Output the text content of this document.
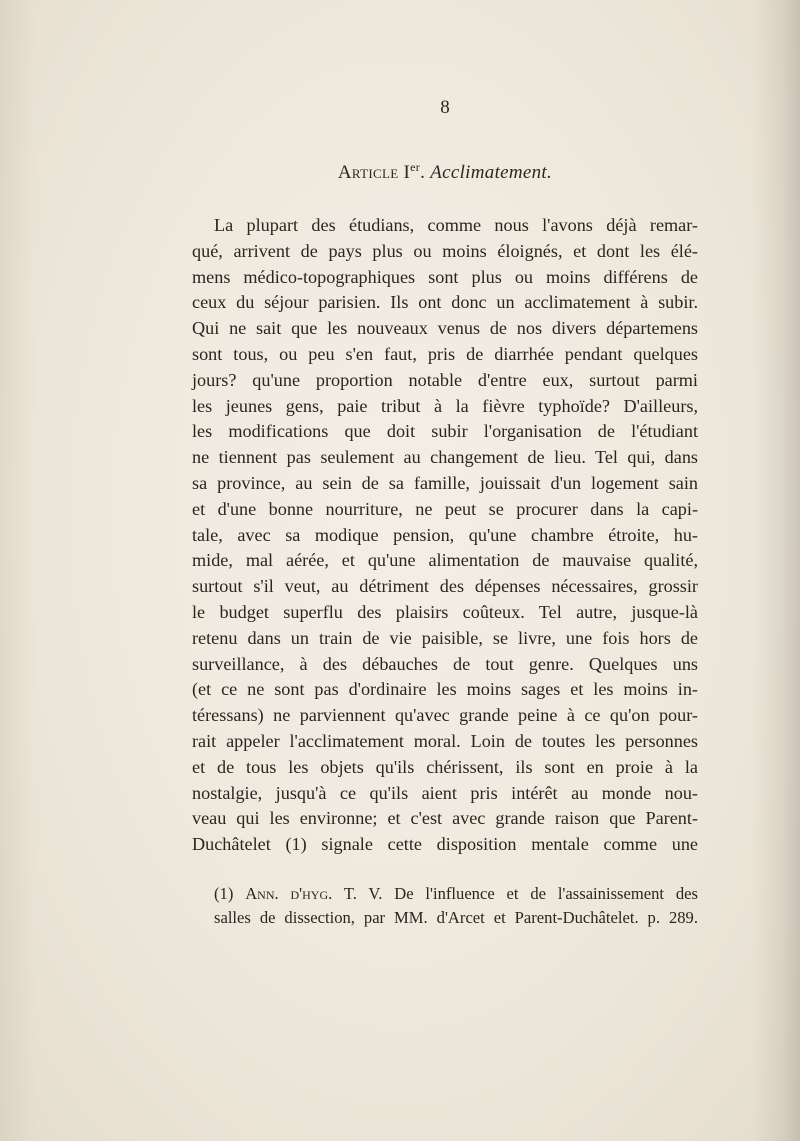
8
Article Ier. Acclimatement.
La plupart des étudians, comme nous l'avons déjà remar-
qué, arrivent de pays plus ou moins éloignés, et dont les élé-
mens médico-topographiques sont plus ou moins différens de
ceux du séjour parisien. Ils ont donc un acclimatement à subir.
Qui ne sait que les nouveaux venus de nos divers départemens
sont tous, ou peu s'en faut, pris de diarrhée pendant quelques
jours? qu'une proportion notable d'entre eux, surtout parmi
les jeunes gens, paie tribut à la fièvre typhoïde? D'ailleurs,
les modifications que doit subir l'organisation de l'étudiant
ne tiennent pas seulement au changement de lieu. Tel qui, dans
sa province, au sein de sa famille, jouissait d'un logement sain
et d'une bonne nourriture, ne peut se procurer dans la capi-
tale, avec sa modique pension, qu'une chambre étroite, hu-
mide, mal aérée, et qu'une alimentation de mauvaise qualité,
surtout s'il veut, au détriment des dépenses nécessaires, grossir
le budget superflu des plaisirs coûteux. Tel autre, jusque-là
retenu dans un train de vie paisible, se livre, une fois hors de
surveillance, à des débauches de tout genre. Quelques uns
(et ce ne sont pas d'ordinaire les moins sages et les moins in-
téressans) ne parviennent qu'avec grande peine à ce qu'on pour-
rait appeler l'acclimatement moral. Loin de toutes les personnes
et de tous les objets qu'ils chérissent, ils sont en proie à la
nostalgie, jusqu'à ce qu'ils aient pris intérêt au monde nou-
veau qui les environne; et c'est avec grande raison que Parent-
Duchâtelet (1) signale cette disposition mentale comme une
(1) Ann. d'hyg. T. V. De l'influence et de l'assainissement des
salles de dissection, par MM. d'Arcet et Parent-Duchâtelet. p. 289.
